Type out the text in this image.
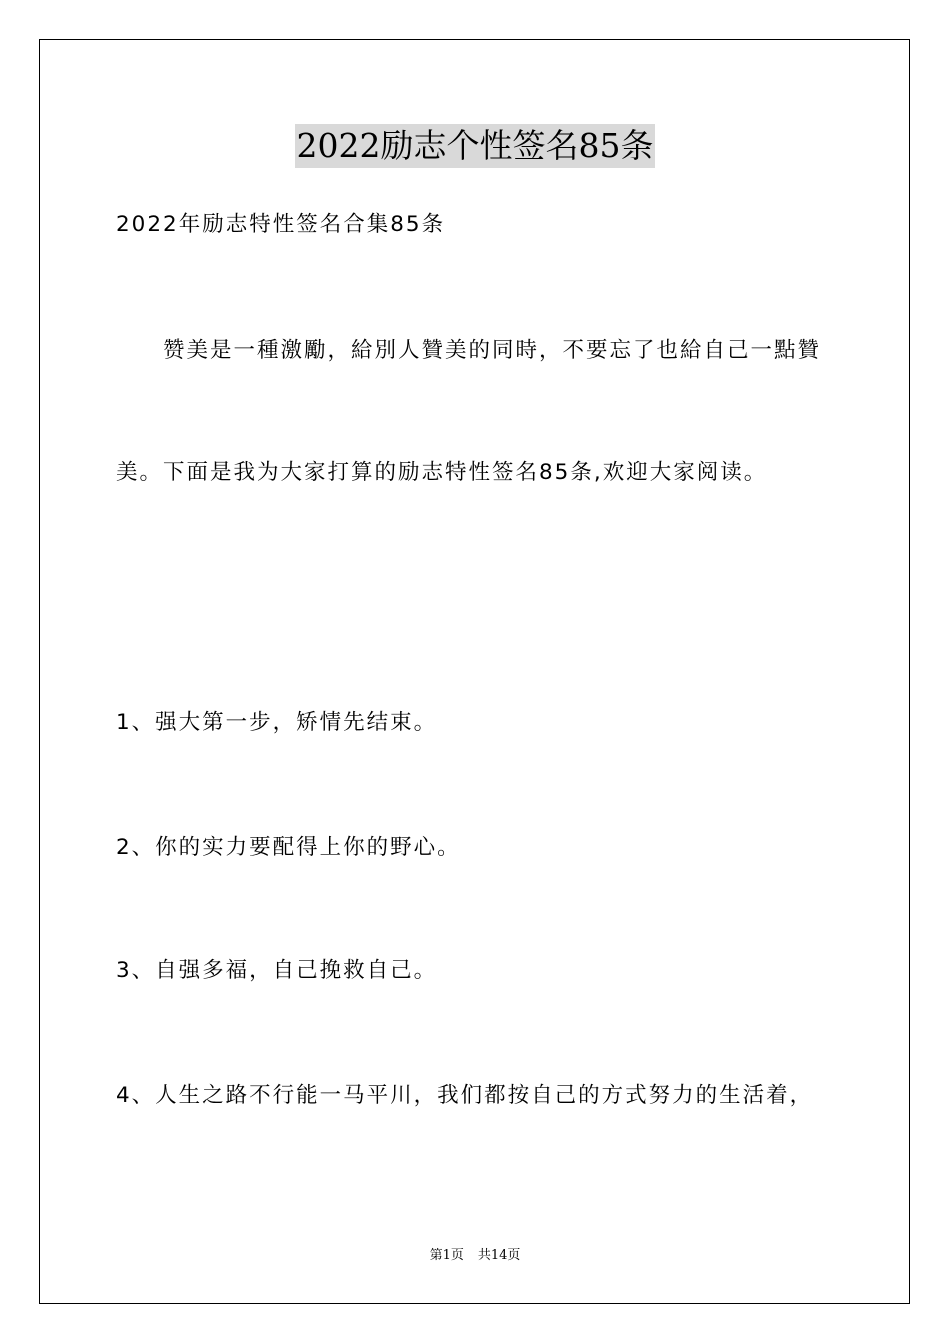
2022励志个性签名85条
2022年励志特性签名合集85条
　　赞美是一種激勵，給別人贊美的同時，不要忘了也給自己一點贊
美。下面是我为大家打算的励志特性签名85条,欢迎大家阅读。
1、强大第一步，矫情先结束。
2、你的实力要配得上你的野心。
3、自强多福，自己挽救自己。
4、人生之路不行能一马平川，我们都按自己的方式努力的生活着，
第1页 共14页
